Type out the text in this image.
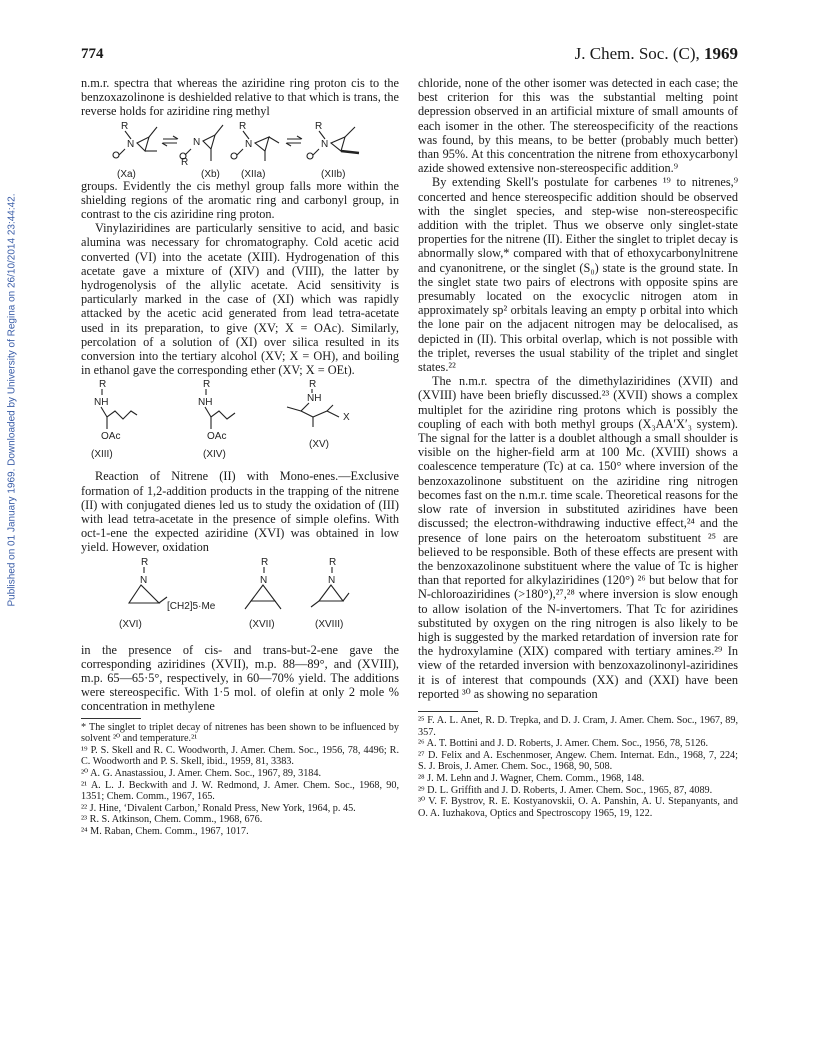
Published on 01 January 1969. Downloaded by University of Regina on 26/10/2014 23:44:42.
774	J. Chem. Soc. (C), 1969

n.m.r. spectra that whereas the aziridine ring proton cis to the benzoxazolinone is deshielded relative to that which is trans, the reverse holds for aziridine ring methyl

R
N
(Xa)
N
R
(Xb)
R
N
(XIIa)
R
N
(XIIb)

groups. Evidently the cis methyl group falls more within the shielding regions of the aromatic ring and carbonyl group, in contrast to the cis aziridine ring proton.

Vinylaziridines are particularly sensitive to acid, and basic alumina was necessary for chromatography. Cold acetic acid converted (VI) into the acetate (XIII). Hydrogenation of this acetate gave a mixture of (XIV) and (VIII), the latter by hydrogenolysis of the allylic acetate. Acid sensitivity is particularly marked in the case of (XI) which was rapidly attacked by the acetic acid generated from lead tetra-acetate used in its preparation, to give (XV; X = OAc). Similarly, percolation of a solution of (XI) over silica resulted in its conversion into the tertiary alcohol (XV; X = OH), and boiling in ethanol gave the corresponding ether (XV; X = OEt).

R
NH
OAc
(XIII)
R
NH
OAc
(XIV)
R
NH
X
(XV)

Reaction of Nitrene (II) with Mono-enes.—Exclusive formation of 1,2-addition products in the trapping of the nitrene (II) with conjugated dienes led us to study the oxidation of (III) with lead tetra-acetate in the presence of simple olefins. With oct-1-ene the expected aziridine (XVI) was obtained in low yield. However, oxidation

R
N
[CH2]5·Me
(XVI)
R
N
(XVII)
R
N
(XVIII)

in the presence of cis- and trans-but-2-ene gave the corresponding aziridines (XVII), m.p. 88—89°, and (XVIII), m.p. 65—65·5°, respectively, in 60—70% yield. The additions were stereospecific. With 1·5 mol. of olefin at only 2 mole % concentration in methylene

* The singlet to triplet decay of nitrenes has been shown to be influenced by solvent ²⁰ and temperature.²¹
¹⁹ P. S. Skell and R. C. Woodworth, J. Amer. Chem. Soc., 1956, 78, 4496; R. C. Woodworth and P. S. Skell, ibid., 1959, 81, 3383.
²⁰ A. G. Anastassiou, J. Amer. Chem. Soc., 1967, 89, 3184.
²¹ A. L. J. Beckwith and J. W. Redmond, J. Amer. Chem. Soc., 1968, 90, 1351; Chem. Comm., 1967, 165.
²² J. Hine, ‘Divalent Carbon,’ Ronald Press, New York, 1964, p. 45.
²³ R. S. Atkinson, Chem. Comm., 1968, 676.
²⁴ M. Raban, Chem. Comm., 1967, 1017.

chloride, none of the other isomer was detected in each case; the best criterion for this was the substantial melting point depression observed in an artificial mixture of small amounts of each isomer in the other. The stereospecificity of the reactions was found, by this means, to be better (probably much better) than 95%. At this concentration the nitrene from ethoxycarbonyl azide showed extensive non-stereospecific addition.⁹

By extending Skell's postulate for carbenes ¹⁹ to nitrenes,⁹ concerted and hence stereospecific addition should be observed with the singlet species, and step-wise non-stereospecific addition with the triplet. Thus we observe only singlet-state properties for the nitrene (II). Either the singlet to triplet decay is abnormally slow,* compared with that of ethoxycarbonylnitrene and cyanonitrene, or the singlet (S₀) state is the ground state. In the singlet state two pairs of electrons with opposite spins are presumably located on the exocyclic nitrogen atom in approximately sp² orbitals leaving an empty p orbital into which the lone pair on the adjacent nitrogen may be delocalised, as depicted in (II). This orbital overlap, which is not possible with the triplet, reverses the usual stability of the triplet and singlet states.²²

The n.m.r. spectra of the dimethylaziridines (XVII) and (XVIII) have been briefly discussed.²³ (XVII) shows a complex multiplet for the aziridine ring protons which is possibly the coupling of each with both methyl groups (X₃AA′X′₃ system). The signal for the latter is a doublet although a small shoulder is visible on the higher-field arm at 100 Mc. (XVIII) shows a coalescence temperature (Tc) at ca. 150° where inversion of the benzoxazolinone substituent on the aziridine ring nitrogen becomes fast on the n.m.r. time scale. Theoretical reasons for the slow rate of inversion in substituted aziridines have been discussed; the electron-withdrawing inductive effect,²⁴ and the presence of lone pairs on the heteroatom substituent ²⁵ are believed to be responsible. Both of these effects are present with the benzoxazolinone substituent where the value of Tc is higher than that reported for alkylaziridines (120°) ²⁶ but below that for N-chloroaziridines (>180°),²⁷,²⁸ where inversion is slow enough to allow isolation of the N-invertomers. That Tc for aziridines substituted by oxygen on the ring nitrogen is also likely to be high is suggested by the marked retardation of inversion rate for the hydroxylamine (XIX) compared with tertiary amines.²⁹ In view of the retarded inversion with benzoxazolinonyl-aziridines it is of interest that compounds (XX) and (XXI) have been reported ³⁰ as showing no separation

²⁵ F. A. L. Anet, R. D. Trepka, and D. J. Cram, J. Amer. Chem. Soc., 1967, 89, 357.
²⁶ A. T. Bottini and J. D. Roberts, J. Amer. Chem. Soc., 1956, 78, 5126.
²⁷ D. Felix and A. Eschenmoser, Angew. Chem. Internat. Edn., 1968, 7, 224; S. J. Brois, J. Amer. Chem. Soc., 1968, 90, 508.
²⁸ J. M. Lehn and J. Wagner, Chem. Comm., 1968, 148.
²⁹ D. L. Griffith and J. D. Roberts, J. Amer. Chem. Soc., 1965, 87, 4089.
³⁰ V. F. Bystrov, R. E. Kostyanovskii, O. A. Panshin, A. U. Stepanyants, and O. A. Iuzhakova, Optics and Spectroscopy 1965, 19, 122.
